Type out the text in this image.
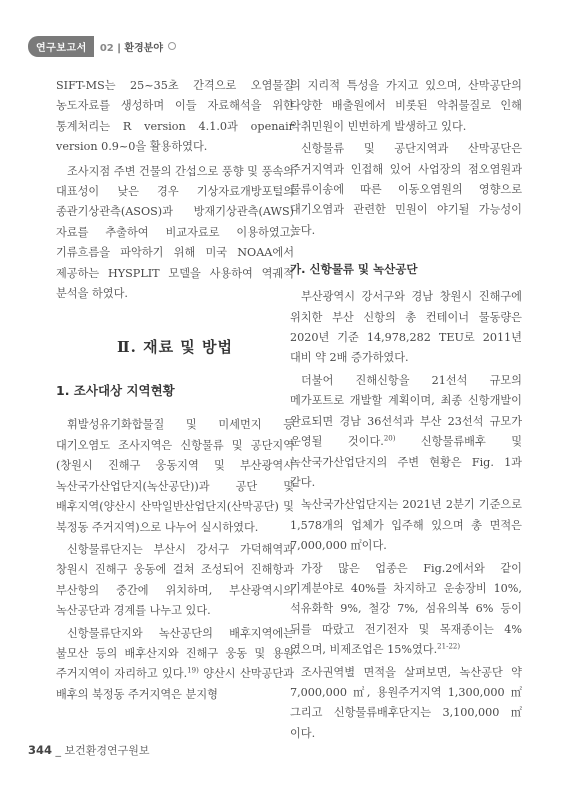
연구보고서	02 | 환경분야

SIFT-MS는 25~35초 간격으로 오염물질 농도자료를 생성하며 이들 자료해석을 위한 통계처리는 R version 4.1.0과 openair version 0.9~0을 활용하였다.

조사지점 주변 건물의 간섭으로 풍향 및 풍속의 대표성이 낮은 경우 기상자료개방포털의 종관기상관측(ASOS)과 방재기상관측(AWS) 자료를 추출하여 비교자료로 이용하였고, 기류흐름을 파악하기 위해 미국 NOAA에서 제공하는 HYSPLIT 모델을 사용하여 역궤적 분석을 하였다.

Ⅱ. 재료 및 방법
1. 조사대상 지역현황

휘발성유기화합물질 및 미세먼지 등 대기오염도 조사지역은 신항물류 및 공단지역(창원시 진해구 웅동지역 및 부산광역시 녹산국가산업단지(녹산공단))과 공단 및 배후지역(양산시 산막일반산업단지(산막공단) 및 북정동 주거지역)으로 나누어 실시하였다.

신항물류단지는 부산시 강서구 가덕해역과 창원시 진해구 웅동에 걸쳐 조성되어 진해항과 부산항의 중간에 위치하며, 부산광역시의 녹산공단과 경계를 나누고 있다.

신항물류단지와 녹산공단의 배후지역에는 불모산 등의 배후산지와 진해구 웅동 및 용원 주거지역이 자리하고 있다.$^{19)}$ 양산시 산막공단과 배후의 북정동 주거지역은 분지형

의 지리적 특성을 가지고 있으며, 산막공단의 다양한 배출원에서 비롯된 악취물질로 인해 악취민원이 빈번하게 발생하고 있다.

신항물류 및 공단지역과 산막공단은 주거지역과 인접해 있어 사업장의 점오염원과 물류이송에 따른 이동오염원의 영향으로 대기오염과 관련한 민원이 야기될 가능성이 높다.

가. 신항물류 및 녹산공단

부산광역시 강서구와 경남 창원시 진해구에 위치한 부산 신항의 총 컨테이너 물동량은 2020년 기준 14,978,282 TEU로 2011년 대비 약 2배 증가하였다.

더불어 진해신항을 21선석 규모의 메가포트로 개발할 계획이며, 최종 신항개발이 완료되면 경남 36선석과 부산 23선석 규모가 운영될 것이다.$^{20)}$ 신항물류배후 및 녹산국가산업단지의 주변 현황은 Fig. 1과 같다.

녹산국가산업단지는 2021년 2분기 기준으로 1,578개의 업체가 입주해 있으며 총 면적은 7,000,000 ㎡이다.

가장 많은 업종은 Fig.2에서와 같이 기계분야로 40%를 차지하고 운송장비 10%, 석유화학 9%, 철강 7%, 섬유의복 6% 등이 뒤를 따랐고 전기전자 및 목재종이는 4%였으며, 비제조업은 15%였다.$^{21-22)}$

조사권역별 면적을 살펴보면, 녹산공단 약 7,000,000 ㎡, 용원주거지역 1,300,000 ㎡ 그리고 신항물류배후단지는 3,100,000 ㎡이다.

344 _ 보건환경연구원보
